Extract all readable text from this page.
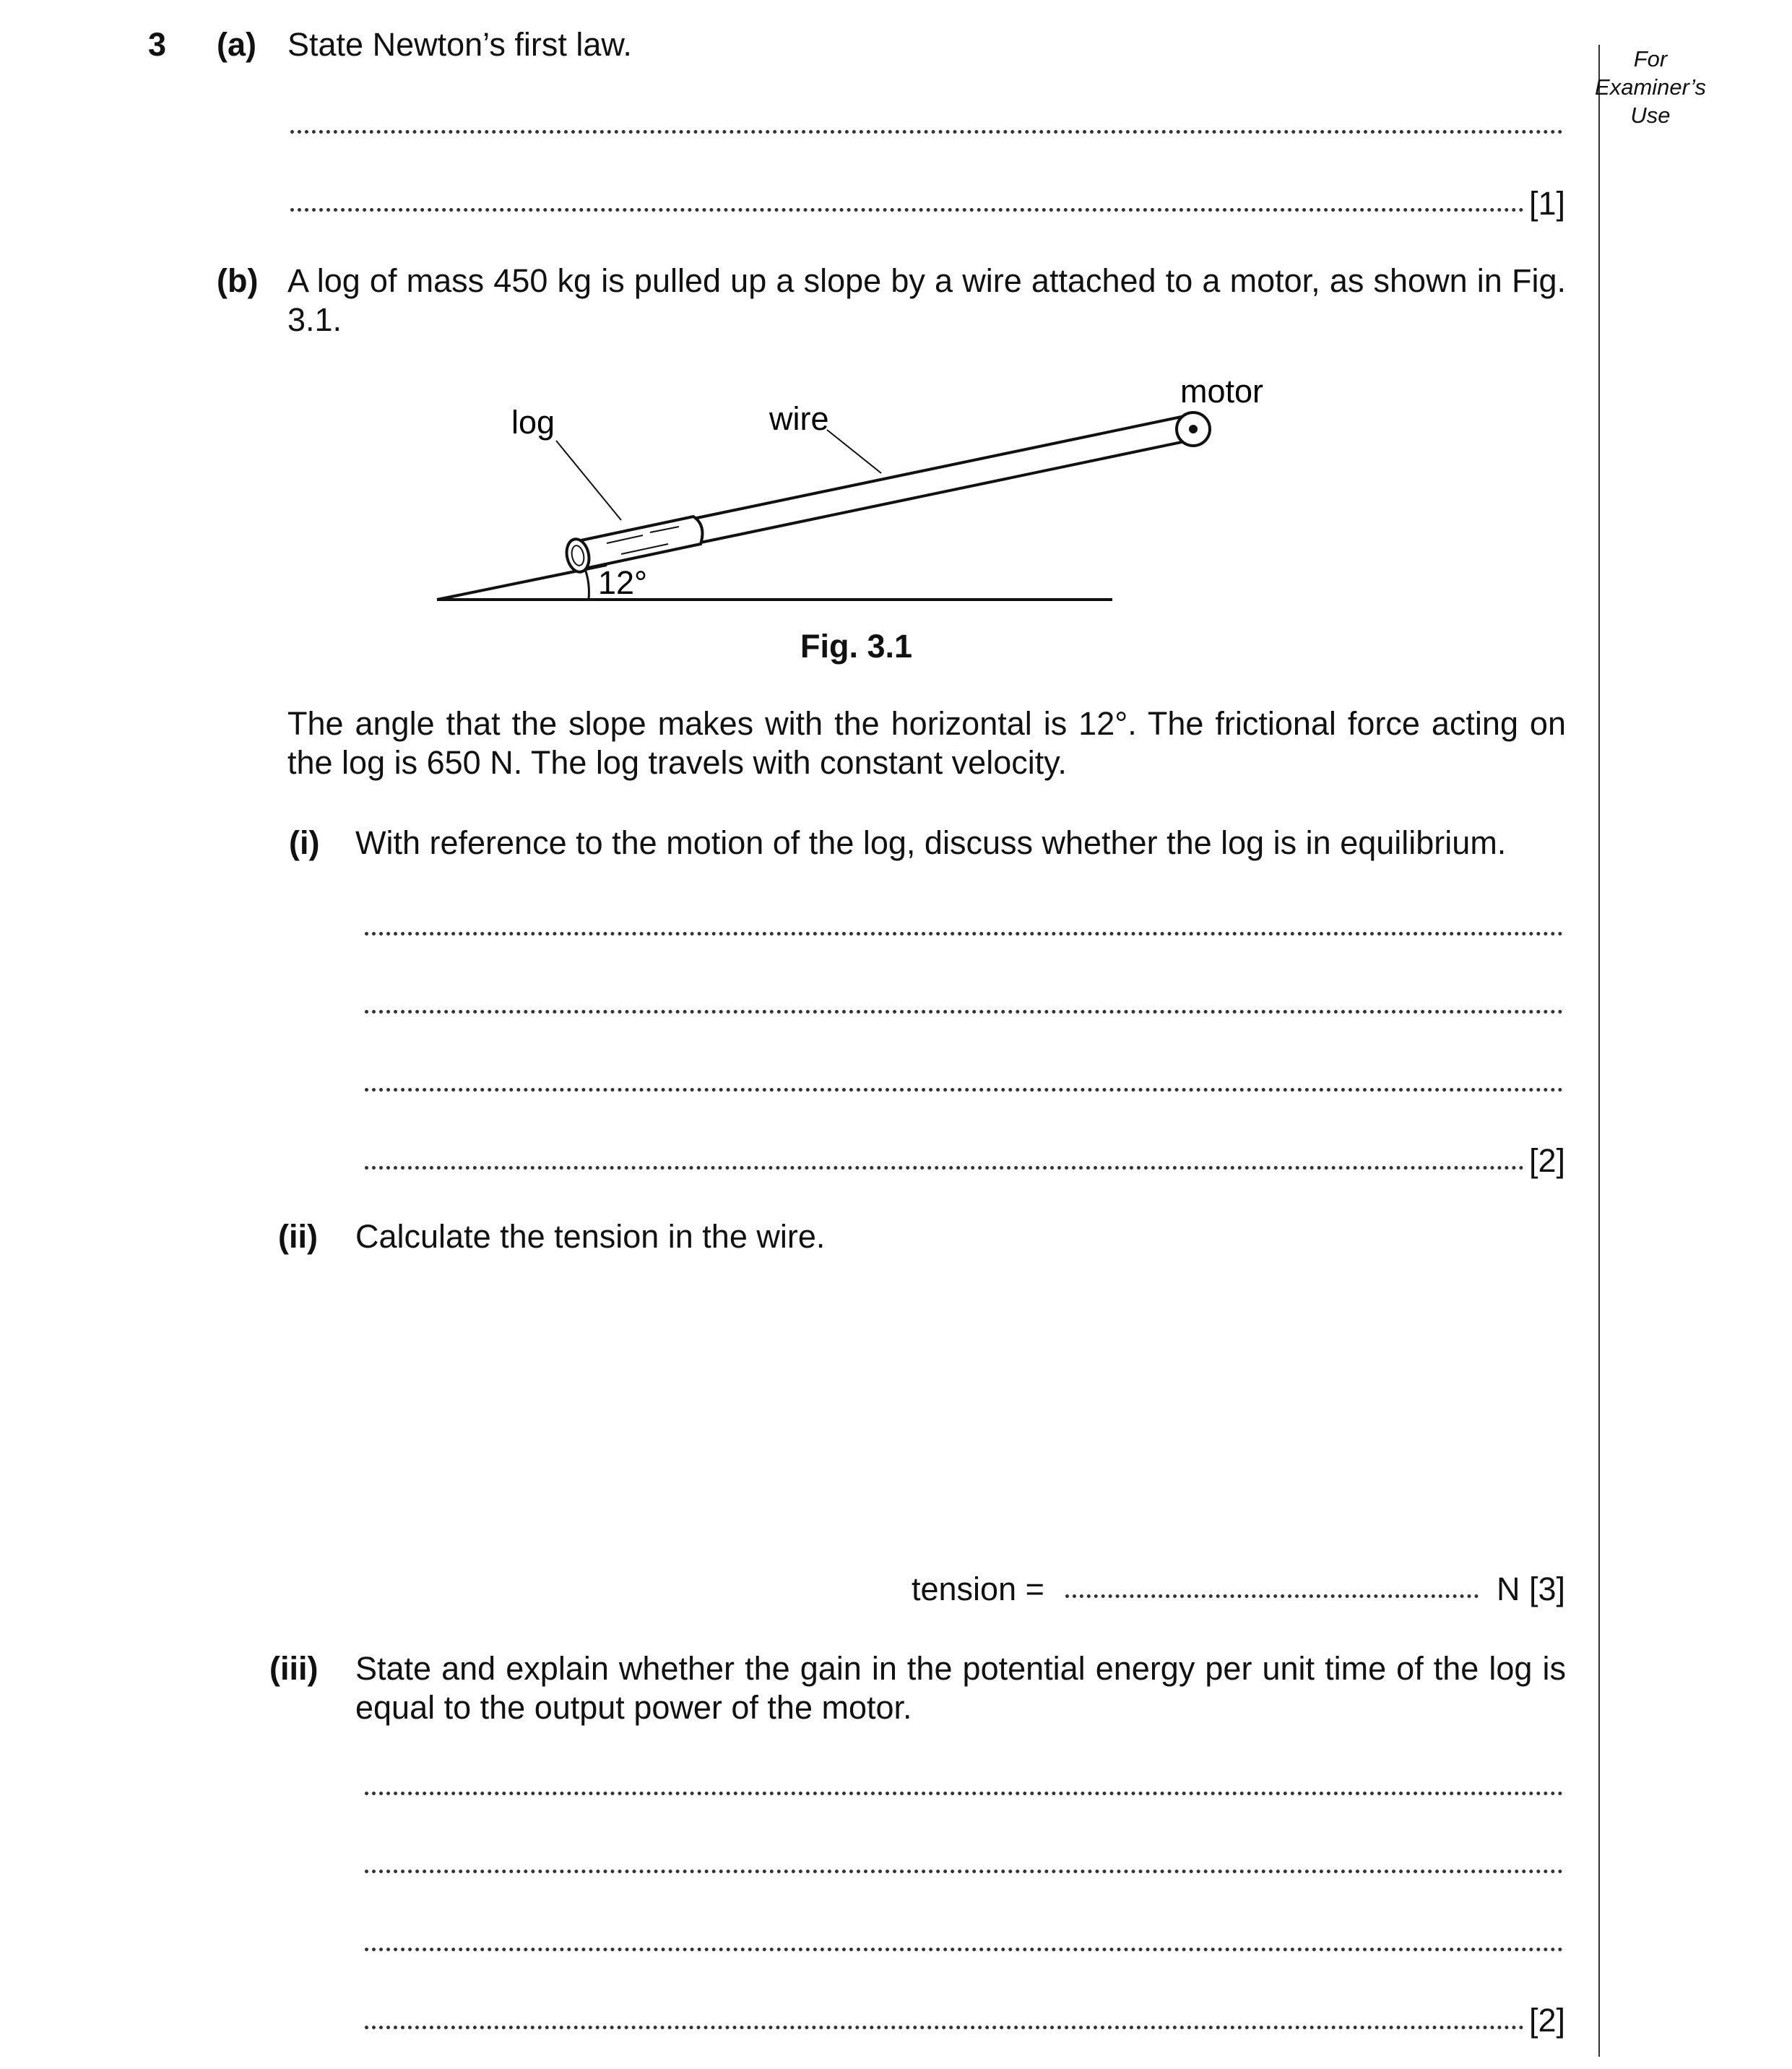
For
Examiner’s
Use
3 (a) State Newton’s first law.
[1]
(b) A log of mass 450 kg is pulled up a slope by a wire attached to a motor, as shown in Fig. 3.1.
log	wire
motor
12°
Fig. 3.1
The angle that the slope makes with the horizontal is 12°. The frictional force acting on the log is 650 N. The log travels with constant velocity.
(i) With reference to the motion of the log, discuss whether the log is in equilibrium.
[2]
(ii) Calculate the tension in the wire.
tension =	N [3]
(iii) State and explain whether the gain in the potential energy per unit time of the log is equal to the output power of the motor.
[2]
